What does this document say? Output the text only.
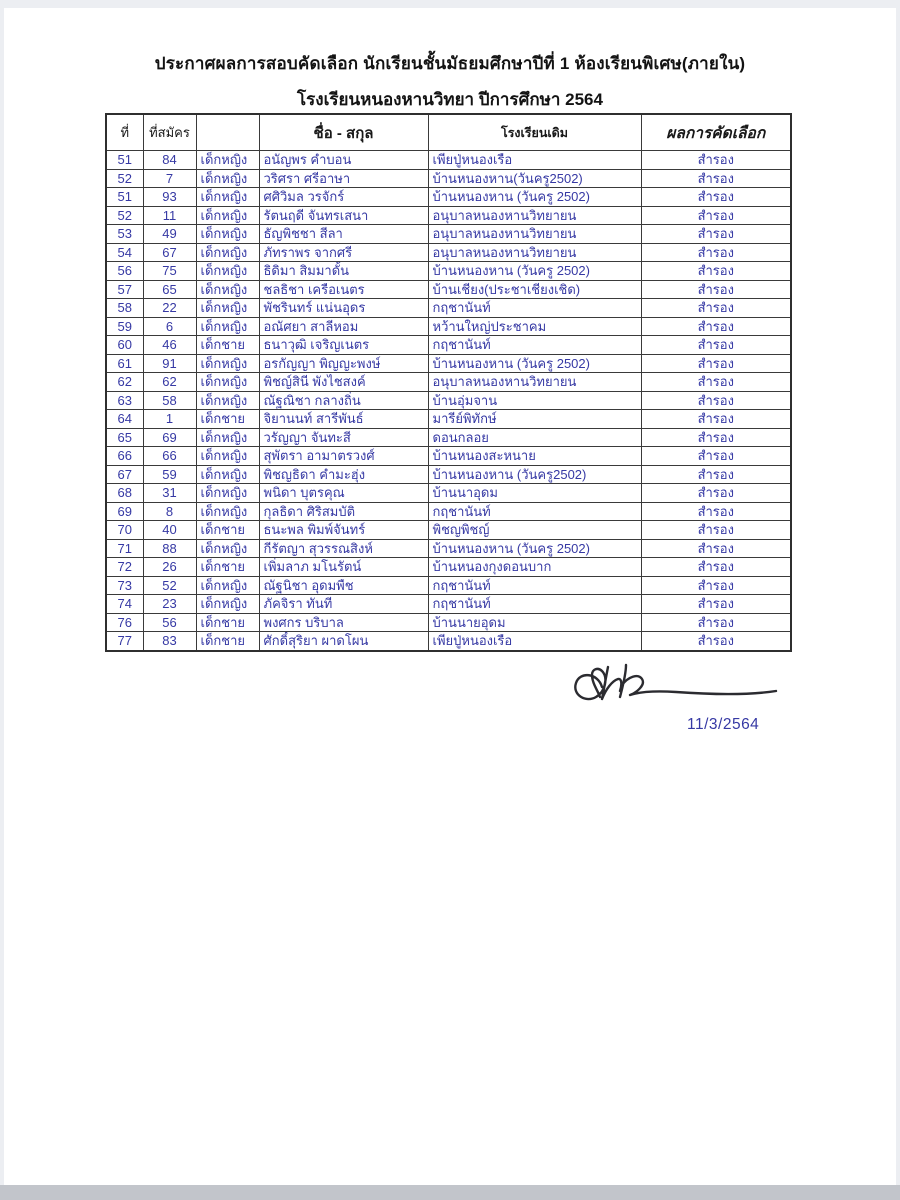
ประกาศผลการสอบคัดเลือก นักเรียนชั้นมัธยมศึกษาปีที่ 1 ห้องเรียนพิเศษ(ภายใน)
โรงเรียนหนองหานวิทยา ปีการศึกษา 2564
ที่	ที่สมัคร		ชื่อ - สกุล	โรงเรียนเดิม	ผลการคัดเลือก
51	84	เด็กหญิง	อนัญพร คำบอน	เพียปู่หนองเรือ	สำรอง
52	7	เด็กหญิง	วริศรา ศรีอาษา	บ้านหนองหาน(วันครู2502)	สำรอง
51	93	เด็กหญิง	ศศิวิมล วรจักร์	บ้านหนองหาน (วันครู 2502)	สำรอง
52	11	เด็กหญิง	รัตนฤดี จันทรเสนา	อนุบาลหนองหานวิทยายน	สำรอง
53	49	เด็กหญิง	ธัญพิชชา สีลา	อนุบาลหนองหานวิทยายน	สำรอง
54	67	เด็กหญิง	ภัทราพร จากศรี	อนุบาลหนองหานวิทยายน	สำรอง
56	75	เด็กหญิง	ธิดิมา สิมมาดั้น	บ้านหนองหาน (วันครู 2502)	สำรอง
57	65	เด็กหญิง	ชลธิชา เครือเนตร	บ้านเชียง(ประชาเชียงเชิด)	สำรอง
58	22	เด็กหญิง	พัชรินทร์ แน่นอุดร	กฤชานันท์	สำรอง
59	6	เด็กหญิง	อณัศยา สาลีหอม	หว้านใหญ่ประชาคม	สำรอง
60	46	เด็กชาย	ธนาวุฒิ เจริญเนตร	กฤชานันท์	สำรอง
61	91	เด็กหญิง	อรกัญญา พิญญะพงษ์	บ้านหนองหาน (วันครู 2502)	สำรอง
62	62	เด็กหญิง	พิชญ์สินี พังไชสงค์	อนุบาลหนองหานวิทยายน	สำรอง
63	58	เด็กหญิง	ณัฐณิชา กลางถิ่น	บ้านอุ่มจาน	สำรอง
64	1	เด็กชาย	จิยานนท์ สารีพันธ์	มารีย์พิทักษ์	สำรอง
65	69	เด็กหญิง	วรัญญา จันทะสี	ดอนกลอย	สำรอง
66	66	เด็กหญิง	สุพัตรา อามาตรวงศ์	บ้านหนองสะหนาย	สำรอง
67	59	เด็กหญิง	พิชญธิดา คำมะฮุ่ง	บ้านหนองหาน (วันครู2502)	สำรอง
68	31	เด็กหญิง	พนิดา บุตรคุณ	บ้านนาอุดม	สำรอง
69	8	เด็กหญิง	กุลธิดา ศิริสมบัติ	กฤชานันท์	สำรอง
70	40	เด็กชาย	ธนะพล พิมพ์จันทร์	พิชญพิชญ์	สำรอง
71	88	เด็กหญิง	กีรัตญา สุวรรณสิงห์	บ้านหนองหาน (วันครู 2502)	สำรอง
72	26	เด็กชาย	เพิ่มลาภ มโนรัตน์	บ้านหนองกุงดอนบาก	สำรอง
73	52	เด็กหญิง	ณัฐนิชา อุดมพืช	กฤชานันท์	สำรอง
74	23	เด็กหญิง	ภัคจิรา ทันที	กฤชานันท์	สำรอง
76	56	เด็กชาย	พงศกร บริบาล	บ้านนายอุดม	สำรอง
77	83	เด็กชาย	ศักดิ์สุริยา ผาดโผน	เพียปู่หนองเรือ	สำรอง
11/3/2564
